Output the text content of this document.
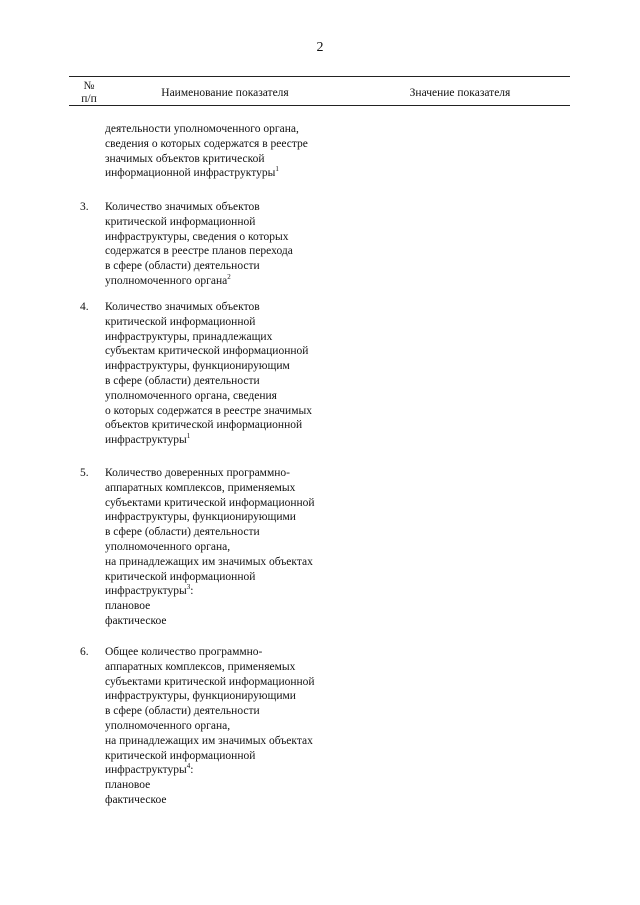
2
№
п/п	Наименование показателя	Значение показателя
деятельности уполномоченного органа,
сведения о которых содержатся в реестре
значимых объектов критической
информационной инфраструктуры$^1$
3. Количество значимых объектов
критической информационной
инфраструктуры, сведения о которых
содержатся в реестре планов перехода
в сфере (области) деятельности
уполномоченного органа$^2$
4. Количество значимых объектов
критической информационной
инфраструктуры, принадлежащих
субъектам критической информационной
инфраструктуры, функционирующим
в сфере (области) деятельности
уполномоченного органа, сведения
о которых содержатся в реестре значимых
объектов критической информационной
инфраструктуры$^1$
5. Количество доверенных программно-
аппаратных комплексов, применяемых
субъектами критической информационной
инфраструктуры, функционирующими
в сфере (области) деятельности
уполномоченного органа,
на принадлежащих им значимых объектах
критической информационной
инфраструктуры$^3$:
плановое
фактическое
6. Общее количество программно-
аппаратных комплексов, применяемых
субъектами критической информационной
инфраструктуры, функционирующими
в сфере (области) деятельности
уполномоченного органа,
на принадлежащих им значимых объектах
критической информационной
инфраструктуры$^4$:
плановое
фактическое
